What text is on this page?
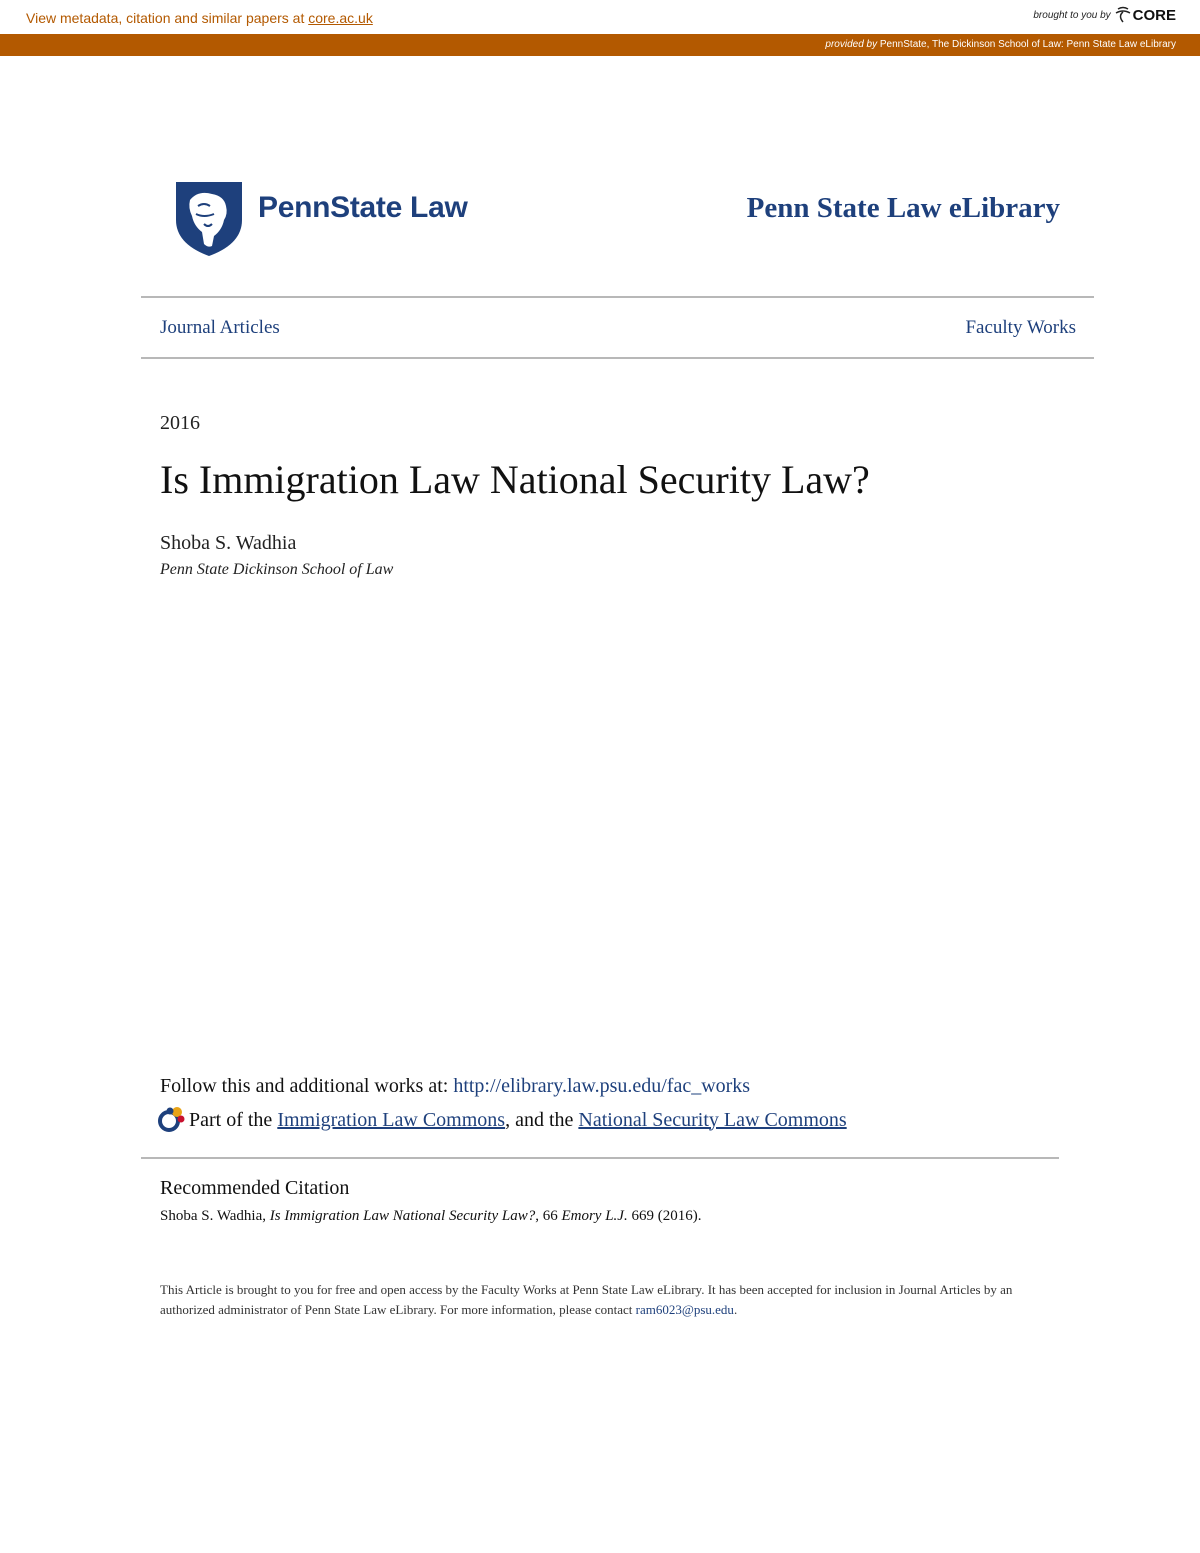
View metadata, citation and similar papers at core.ac.uk	brought to you by CORE
provided by PennState, The Dickinson School of Law: Penn State Law eLibrary
PennState Law	Penn State Law eLibrary
Journal Articles	Faculty Works
2016
Is Immigration Law National Security Law?
Shoba S. Wadhia
Penn State Dickinson School of Law
Follow this and additional works at: http://elibrary.law.psu.edu/fac_works
Part of the
Immigration Law Commons , and the
National Security Law Commons
Recommended Citation
Shoba S. Wadhia, Is Immigration Law National Security Law?, 66 Emory L.J. 669 (2016).
This Article is brought to you for free and open access by the Faculty Works at Penn State Law eLibrary. It has been accepted for inclusion in Journal Articles by an authorized administrator of Penn State Law eLibrary. For more information, please contact ram6023@psu.edu.
